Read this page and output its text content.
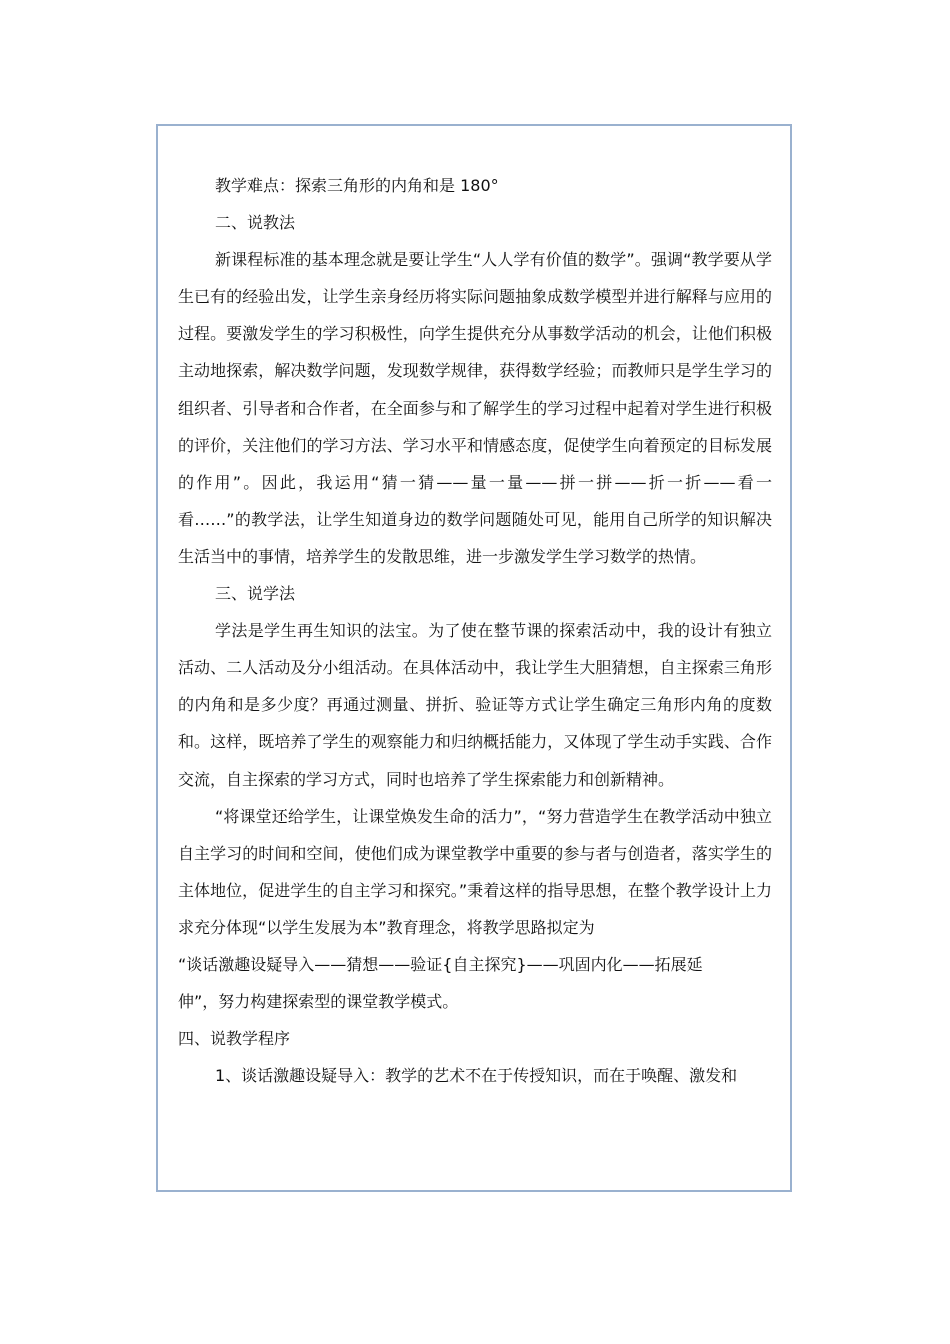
教学难点：探索三角形的内角和是 180°

二、说教法

新课程标准的基本理念就是要让学生“人人学有价值的数学”。强调“教学要从学生已有的经验出发，让学生亲身经历将实际问题抽象成数学模型并进行解释与应用的过程。要激发学生的学习积极性，向学生提供充分从事数学活动的机会，让他们积极主动地探索，解决数学问题，发现数学规律，获得数学经验；而教师只是学生学习的组织者、引导者和合作者，在全面参与和了解学生的学习过程中起着对学生进行积极的评价，关注他们的学习方法、学习水平和情感态度，促使学生向着预定的目标发展的作用”。因此，我运用“猜一猜——量一量——拼一拼——折一折——看一看……”的教学法，让学生知道身边的数学问题随处可见，能用自己所学的知识解决生活当中的事情，培养学生的发散思维，进一步激发学生学习数学的热情。

三、说学法

学法是学生再生知识的法宝。为了使在整节课的探索活动中，我的设计有独立活动、二人活动及分小组活动。在具体活动中，我让学生大胆猜想，自主探索三角形的内角和是多少度？再通过测量、拼折、验证等方式让学生确定三角形内角的度数和。这样，既培养了学生的观察能力和归纳概括能力，又体现了学生动手实践、合作交流，自主探索的学习方式，同时也培养了学生探索能力和创新精神。

“将课堂还给学生，让课堂焕发生命的活力”，“努力营造学生在教学活动中独立自主学习的时间和空间，使他们成为课堂教学中重要的参与者与创造者，落实学生的主体地位，促进学生的自主学习和探究。”秉着这样的指导思想，在整个教学设计上力求充分体现“以学生发展为本”教育理念，将教学思路拟定为

“谈话激趣设疑导入——猜想——验证{自主探究}——巩固内化——拓展延

伸”，努力构建探索型的课堂教学模式。

四、说教学程序

1、谈话激趣设疑导入：教学的艺术不在于传授知识，而在于唤醒、激发和
